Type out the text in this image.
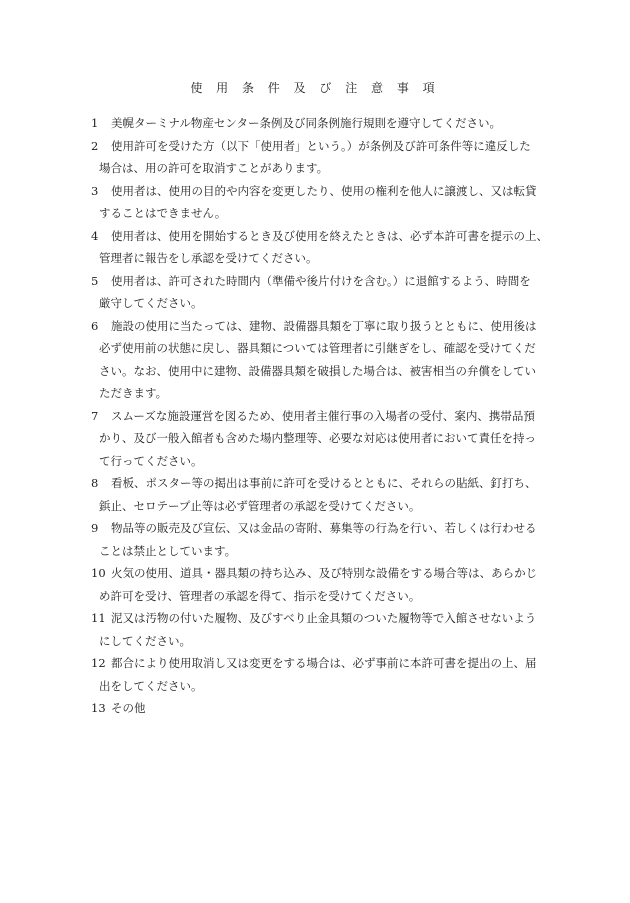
使 用 条 件 及 び 注 意 事 項
1	美幌ターミナル物産センター条例及び同条例施行規則を遵守してください。
2	使用許可を受けた方（以下「使用者」という。）が条例及び許可条件等に違反した
場合は、用の許可を取消すことがあります。
3	使用者は、使用の目的や内容を変更したり、使用の権利を他人に譲渡し、又は転貸
することはできません。
4	使用者は、使用を開始するとき及び使用を終えたときは、必ず本許可書を提示の上、
管理者に報告をし承認を受けてください。
5	使用者は、許可された時間内（準備や後片付けを含む。）に退館するよう、時間を
厳守してください。
6	施設の使用に当たっては、建物、設備器具類を丁寧に取り扱うとともに、使用後は
必ず使用前の状態に戻し、器具類については管理者に引継ぎをし、確認を受けてくだ
さい。なお、使用中に建物、設備器具類を破損した場合は、被害相当の弁償をしてい
ただきます。
7	スムーズな施設運営を図るため、使用者主催行事の入場者の受付、案内、携帯品預
かり、及び一般入館者も含めた場内整理等、必要な対応は使用者において責任を持っ
て行ってください。
8	看板、ポスター等の掲出は事前に許可を受けるとともに、それらの貼紙、釘打ち、
鋲止、セロテープ止等は必ず管理者の承認を受けてください。
9	物品等の販売及び宣伝、又は金品の寄附、募集等の行為を行い、若しくは行わせる
ことは禁止としています。
10 火気の使用、道具・器具類の持ち込み、及び特別な設備をする場合等は、あらかじ
め許可を受け、管理者の承認を得て、指示を受けてください。
11 泥又は汚物の付いた履物、及びすべり止金具類のついた履物等で入館させないよう
にしてください。
12 都合により使用取消し又は変更をする場合は、必ず事前に本許可書を提出の上、届
出をしてください。
13 その他
